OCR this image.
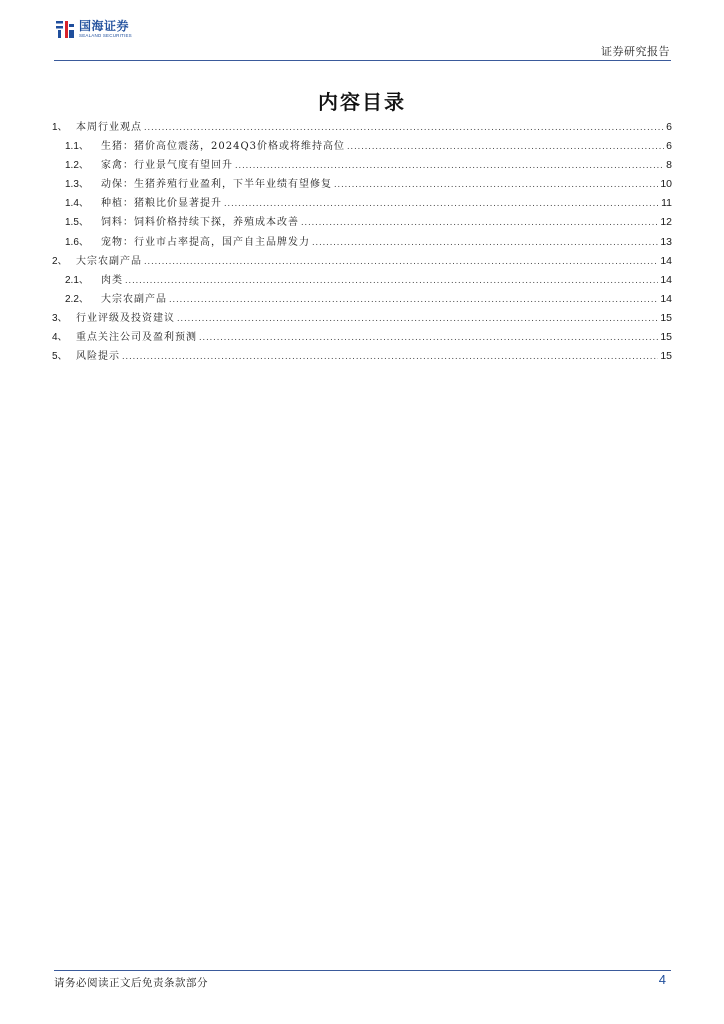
国海证券
SEALAND SECURITIES
证券研究报告
内容目录
1、 本周行业观点 .....	6
1.1、	生猪：猪价高位震荡，2024Q3价格或将维持高位 .....	6
1.2、	家禽：行业景气度有望回升 .....	8
1.3、	动保：生猪养殖行业盈利，下半年业绩有望修复 .....	10
1.4、	种植：猪粮比价显著提升 .....	11
1.5、	饲料：饲料价格持续下探，养殖成本改善 .....	12
1.6、	宠物：行业市占率提高，国产自主品牌发力 .....	13
2、 大宗农副产品 .....	14
2.1、	肉类 .....	14
2.2、	大宗农副产品 .....	14
3、 行业评级及投资建议 .....	15
4、 重点关注公司及盈利预测 .....	15
5、 风险提示 .....	15
请务必阅读正文后免责条款部分	4
